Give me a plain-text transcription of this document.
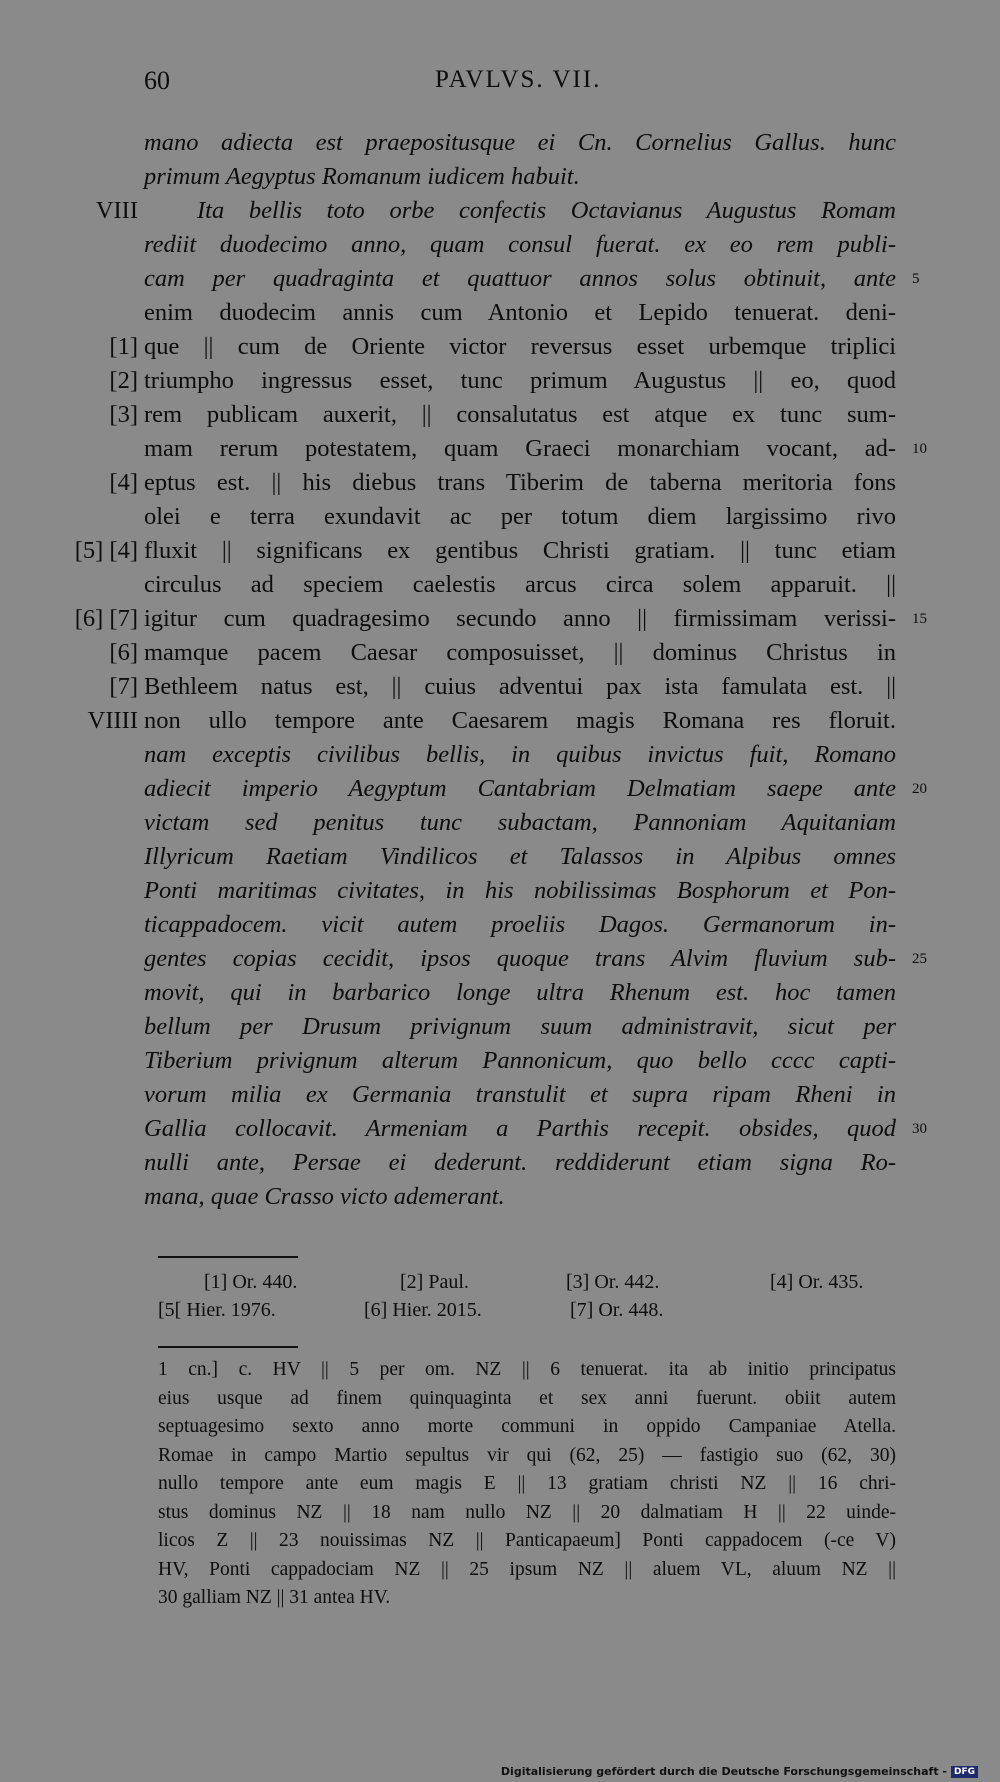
60	PAVLVS. VII.
mano adiecta est praepositusque ei Cn. Cornelius Gallus. hunc
primum Aegyptus Romanum iudicem habuit.
VIII Ita bellis toto orbe confectis Octavianus Augustus Romam
rediit duodecimo anno, quam consul fuerat. ex eo rem publi-
cam per quadraginta et quattuor annos solus obtinuit, ante 5
enim duodecim annis cum Antonio et Lepido tenuerat. deni-
[1] que || cum de Oriente victor reversus esset urbemque triplici
[2] triumpho ingressus esset, tunc primum Augustus || eo, quod
[3] rem publicam auxerit, || consalutatus est atque ex tunc sum-
mam rerum potestatem, quam Graeci monarchiam vocant, ad- 10
[4] eptus est. || his diebus trans Tiberim de taberna meritoria fons
olei e terra exundavit ac per totum diem largissimo rivo
[5] [4] fluxit || significans ex gentibus Christi gratiam. || tunc etiam
circulus ad speciem caelestis arcus circa solem apparuit. ||
[6] [7] igitur cum quadragesimo secundo anno || firmissimam verissi- 15
[6] mamque pacem Caesar composuisset, || dominus Christus in
[7] Bethleem natus est, || cuius adventui pax ista famulata est. ||
VIIII non ullo tempore ante Caesarem magis Romana res floruit.
nam exceptis civilibus bellis, in quibus invictus fuit, Romano
adiecit imperio Aegyptum Cantabriam Delmatiam saepe ante 20
victam sed penitus tunc subactam, Pannoniam Aquitaniam
Illyricum Raetiam Vindilicos et Talassos in Alpibus omnes
Ponti maritimas civitates, in his nobilissimas Bosphorum et Pon-
ticappadocem. vicit autem proeliis Dagos. Germanorum in-
gentes copias cecidit, ipsos quoque trans Alvim fluvium sub- 25
movit, qui in barbarico longe ultra Rhenum est. hoc tamen
bellum per Drusum privignum suum administravit, sicut per
Tiberium privignum alterum Pannonicum, quo bello cccc capti-
vorum milia ex Germania transtulit et supra ripam Rheni in
Gallia collocavit. Armeniam a Parthis recepit. obsides, quod 30
nulli ante, Persae ei dederunt. reddiderunt etiam signa Ro-
mana, quae Crasso victo ademerant.
[1] Or. 440.	[2] Paul.	[3] Or. 442.	[4] Or. 435.
[5[ Hier. 1976.	[6] Hier. 2015.	[7] Or. 448.
1 cn.] c. HV || 5 per om. NZ || 6 tenuerat. ita ab initio principatus
eius usque ad finem quinquaginta et sex anni fuerunt. obiit autem
septuagesimo sexto anno morte communi in oppido Campaniae Atella.
Romae in campo Martio sepultus vir qui (62, 25) — fastigio suo (62, 30)
nullo tempore ante eum magis E || 13 gratiam christi NZ || 16 chri-
stus dominus NZ || 18 nam nullo NZ || 20 dalmatiam H || 22 uinde-
licos Z || 23 nouissimas NZ || Panticapaeum] Ponti cappadocem (-ce V)
HV, Ponti cappadociam NZ || 25 ipsum NZ || aluem VL, aluum NZ ||
30 galliam NZ || 31 antea HV.
Digitalisierung gefördert durch die Deutsche Forschungsgemeinschaft - DFG
